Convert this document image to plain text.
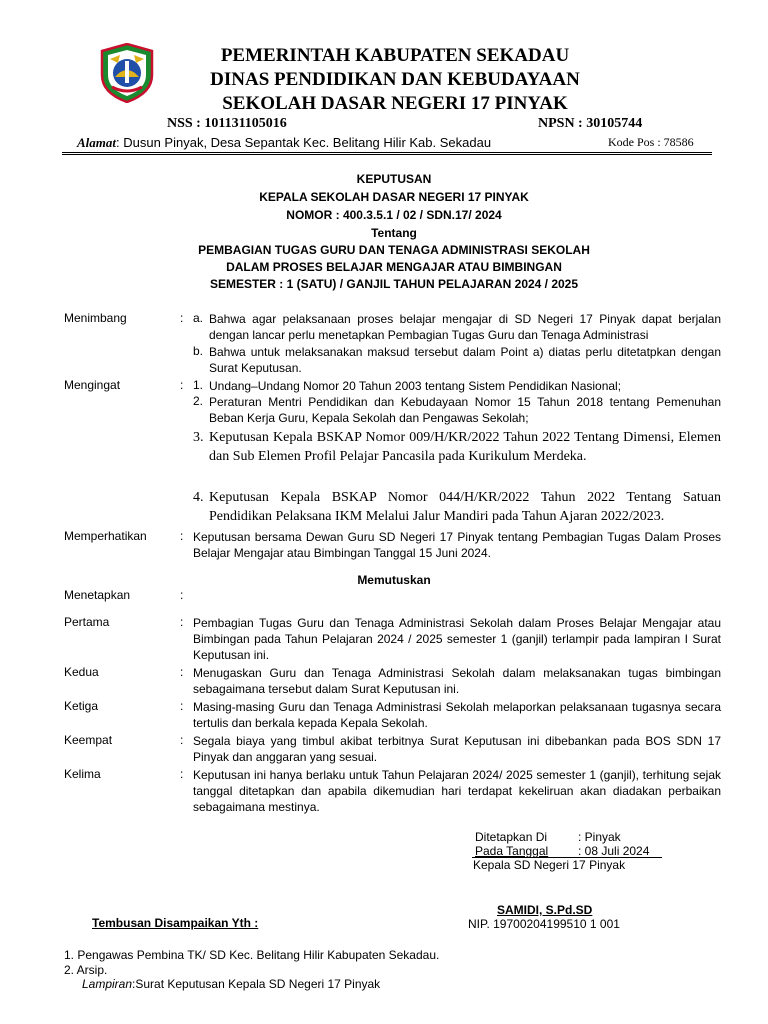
PEMERINTAH KABUPATEN SEKADAU
DINAS PENDIDIKAN DAN KEBUDAYAAN
SEKOLAH DASAR NEGERI 17 PINYAK
NSS : 101131105016	NPSN : 30105744
Alamat: Dusun Pinyak, Desa Sepantak Kec. Belitang Hilir Kab. Sekadau	Kode Pos : 78586
KEPUTUSAN
KEPALA SEKOLAH DASAR NEGERI 17 PINYAK
NOMOR : 400.3.5.1 / 02 / SDN.17/ 2024
Tentang
PEMBAGIAN TUGAS GURU DAN TENAGA ADMINISTRASI SEKOLAH
DALAM PROSES BELAJAR MENGAJAR ATAU BIMBINGAN
SEMESTER : 1 (SATU) / GANJIL TAHUN PELAJARAN 2024 / 2025
Menimbang	: a. Bahwa agar pelaksanaan proses belajar mengajar di SD Negeri 17 Pinyak dapat berjalan dengan lancar perlu menetapkan Pembagian Tugas Guru dan Tenaga Administrasi
b. Bahwa untuk melaksanakan maksud tersebut dalam Point a) diatas perlu ditetatpkan dengan Surat Keputusan.
Mengingat	: 1. Undang–Undang Nomor 20 Tahun 2003 tentang Sistem Pendidikan Nasional;
2. Peraturan Mentri Pendidikan dan Kebudayaan Nomor 15 Tahun 2018 tentang Pemenuhan Beban Kerja Guru, Kepala Sekolah dan Pengawas Sekolah;
3. Keputusan Kepala BSKAP Nomor 009/H/KR/2022 Tahun 2022 Tentang Dimensi, Elemen dan Sub Elemen Profil Pelajar Pancasila pada Kurikulum Merdeka.
4. Keputusan Kepala BSKAP Nomor 044/H/KR/2022 Tahun 2022 Tentang Satuan Pendidikan Pelaksana IKM Melalui Jalur Mandiri pada Tahun Ajaran 2022/2023.
Memperhatikan	: Keputusan bersama Dewan Guru SD Negeri 17 Pinyak tentang Pembagian Tugas Dalam Proses Belajar Mengajar atau Bimbingan Tanggal 15 Juni 2024.
Memutuskan
Menetapkan	:
Pertama	: Pembagian Tugas Guru dan Tenaga Administrasi Sekolah dalam Proses Belajar Mengajar atau Bimbingan pada Tahun Pelajaran 2024 / 2025 semester 1 (ganjil) terlampir pada lampiran I Surat Keputusan ini.
Kedua	: Menugaskan Guru dan Tenaga Administrasi Sekolah dalam melaksanakan tugas bimbingan sebagaimana tersebut dalam Surat Keputusan ini.
Ketiga	: Masing-masing Guru dan Tenaga Administrasi Sekolah melaporkan pelaksanaan tugasnya secara tertulis dan berkala kepada Kepala Sekolah.
Keempat	: Segala biaya yang timbul akibat terbitnya Surat Keputusan ini dibebankan pada BOS SDN 17 Pinyak dan anggaran yang sesuai.
Kelima	: Keputusan ini hanya berlaku untuk Tahun Pelajaran 2024/ 2025 semester 1 (ganjil), terhitung sejak tanggal ditetapkan dan apabila dikemudian hari terdapat kekeliruan akan diadakan perbaikan sebagaimana mestinya.
Ditetapkan Di	: Pinyak
Pada Tanggal : 08 Juli 2024
Kepala SD Negeri 17 Pinyak
SAMIDI, S.Pd.SD
NIP. 19700204199510 1 001
Tembusan Disampaikan Yth :
1. Pengawas Pembina TK/ SD Kec. Belitang Hilir Kabupaten Sekadau.
2. Arsip.
Lampiran:Surat Keputusan Kepala SD Negeri 17 Pinyak
